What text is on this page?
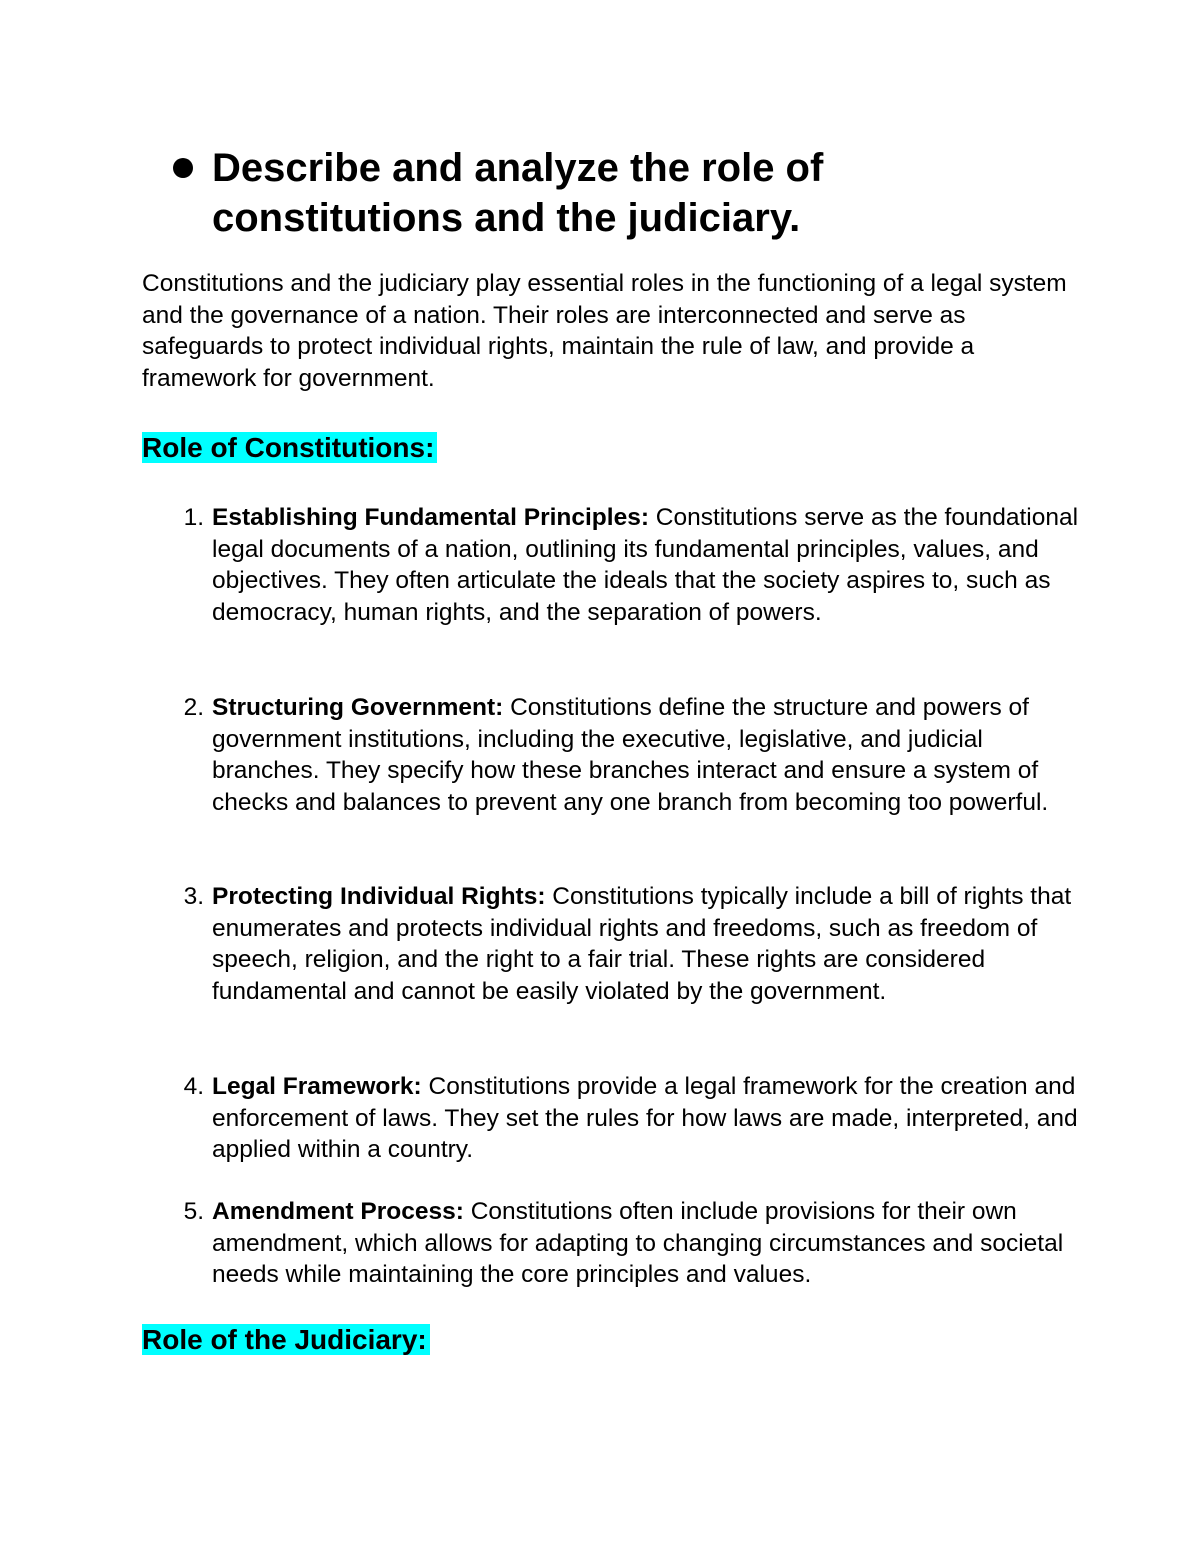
Describe and analyze the role of constitutions and the judiciary.
Constitutions and the judiciary play essential roles in the functioning of a legal system and the governance of a nation. Their roles are interconnected and serve as safeguards to protect individual rights, maintain the rule of law, and provide a framework for government.
Role of Constitutions:
1. Establishing Fundamental Principles: Constitutions serve as the foundational legal documents of a nation, outlining its fundamental principles, values, and objectives. They often articulate the ideals that the society aspires to, such as democracy, human rights, and the separation of powers.
2. Structuring Government: Constitutions define the structure and powers of government institutions, including the executive, legislative, and judicial branches. They specify how these branches interact and ensure a system of checks and balances to prevent any one branch from becoming too powerful.
3. Protecting Individual Rights: Constitutions typically include a bill of rights that enumerates and protects individual rights and freedoms, such as freedom of speech, religion, and the right to a fair trial. These rights are considered fundamental and cannot be easily violated by the government.
4. Legal Framework: Constitutions provide a legal framework for the creation and enforcement of laws. They set the rules for how laws are made, interpreted, and applied within a country.
5. Amendment Process: Constitutions often include provisions for their own amendment, which allows for adapting to changing circumstances and societal needs while maintaining the core principles and values.
Role of the Judiciary:
